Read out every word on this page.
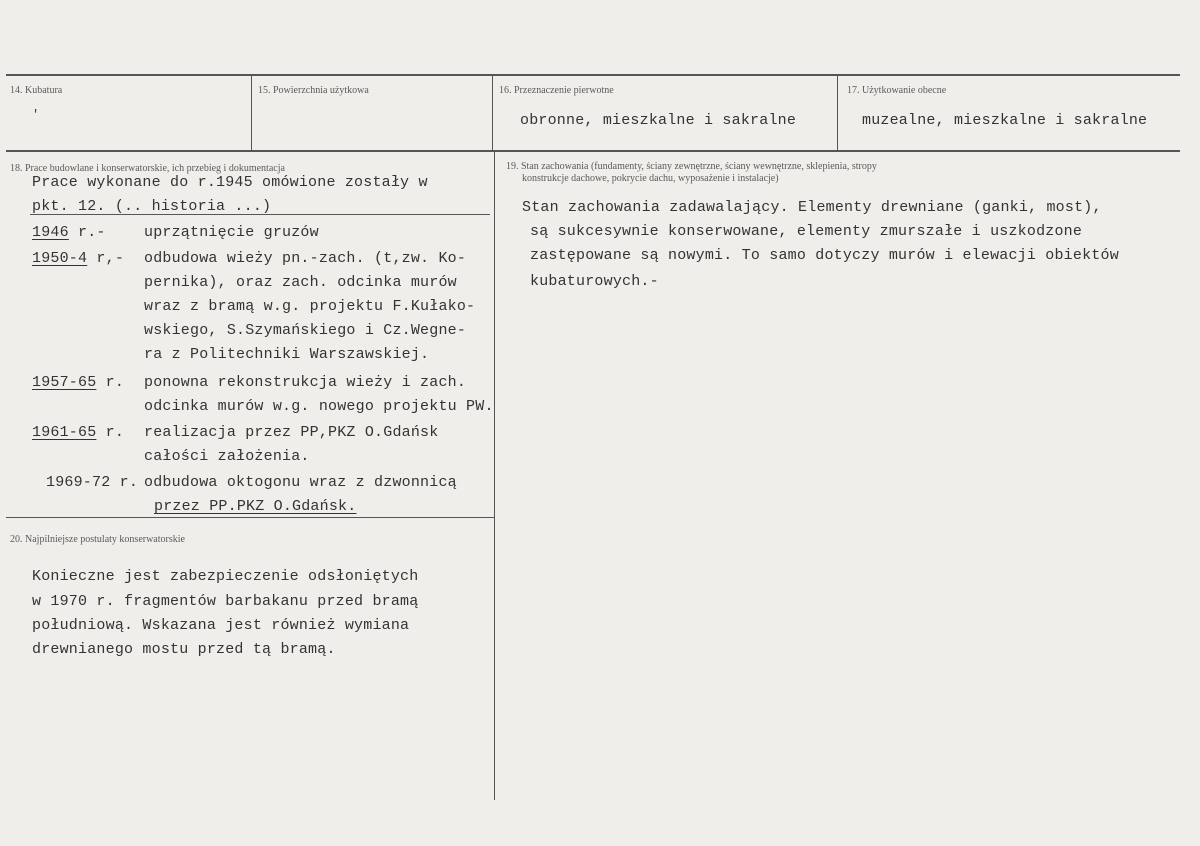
14. Kubatura
'
15. Powierzchnia użytkowa	16. Przeznaczenie pierwotne
obronne, mieszkalne i sakralne
17. Użytkowanie obecne
muzealne, mieszkalne i sakralne
18. Prace budowlane i konserwatorskie, ich przebieg i dokumentacja
Prace wykonane do r.1945 omówione zostały w
pkt. 12. (.. historia ...)
1946 r.-	uprzątnięcie gruzów
1950-4 r,- odbudowa wieży pn.-zach. (t,zw. Ko-
pernika), oraz zach. odcinka murów
wraz z bramą w.g. projektu F.Kułako-
wskiego, S.Szymańskiego i Cz.Wegne-
ra z Politechniki Warszawskiej.
1957-65 r. ponowna rekonstrukcja wieży i zach.
odcinka murów w.g. nowego projektu PW.
1961-65 r. realizacja przez PP,PKZ O.Gdańsk
całości założenia.
1969-72 r. odbudowa oktogonu wraz z dzwonnicą
przez PP.PKZ O.Gdańsk.
19. Stan zachowania (fundamenty, ściany zewnętrzne, ściany wewnętrzne, sklepienia, stropy
konstrukcje dachowe, pokrycie dachu, wyposażenie i instalacje)
Stan zachowania zadawalający. Elementy drewniane (ganki, most),
są sukcesywnie konserwowane, elementy zmurszałe i uszkodzone
zastępowane są nowymi. To samo dotyczy murów i elewacji obiektów
kubaturowych.-
20. Najpilniejsze postulaty konserwatorskie
Konieczne jest zabezpieczenie odsłoniętych
w 1970 r. fragmentów barbakanu przed bramą
południową. Wskazana jest również wymiana
drewnianego mostu przed tą bramą.
